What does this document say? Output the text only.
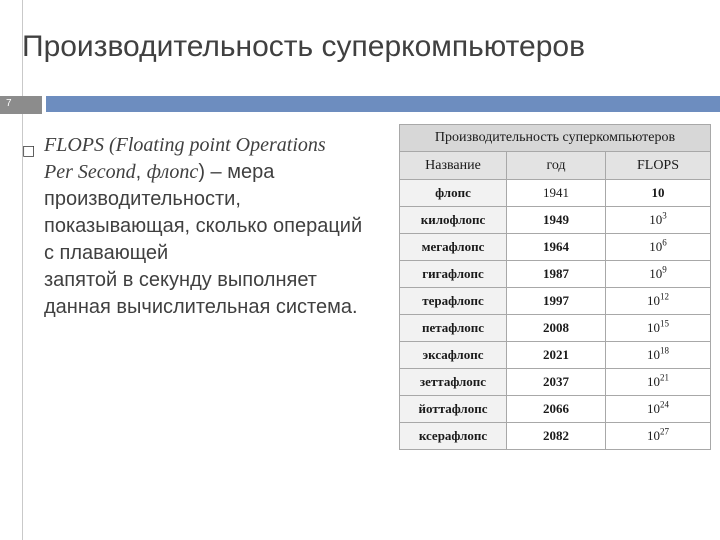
Производительность суперкомпьютеров
7
□ FLOPS (Floating point Operations
Per Second, флопс) – мера
производительности,
показывающая, сколько операций
с плавающей
запятой в секунду выполняет
данная вычислительная система.
Производительность суперкомпьютеров		
Название	год	FLOPS
флопс	1941	10
килофлопс	1949	$10^3$
мегафлопс	1964	$10^6$
гигафлопс	1987	$10^9$
терафлопс	1997	$10^{12}$
петафлопс	2008	$10^{15}$
эксафлопс	2021	$10^{18}$
зеттафлопс	2037	$10^{21}$
йоттафлопс	2066	$10^{24}$
ксерафлопс	2082	$10^{27}$
